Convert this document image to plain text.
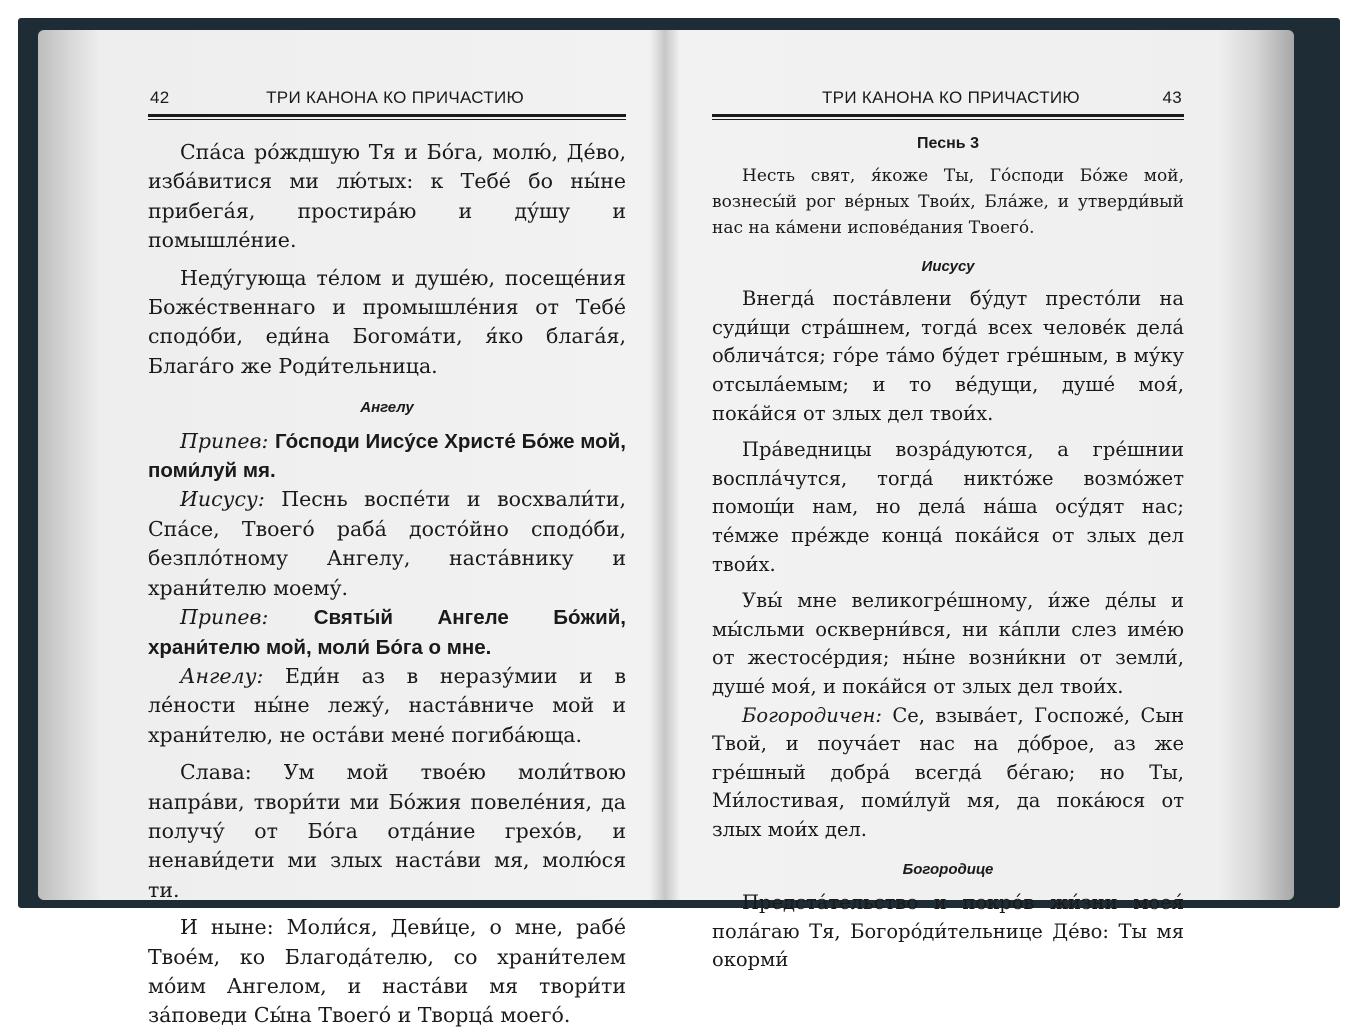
42	ТРИ КАНОНА КО ПРИЧАСТИЮ

Спа́са ро́ждшую Тя и Бо́га, молю́, Де́во, изба́витися ми лю́тых: к Тебе́ бо ны́не прибега́я, простира́ю и ду́шу и помышле́ние.

Неду́гующа те́лом и душе́ю, посеще́ния Боже́ственнаго и промышле́ния от Тебе́ сподо́би, еди́на Богома́ти, я́ко блага́я, Блага́го же Роди́тельница.

Ангелу

Припев: Го́споди Иису́се Христе́ Бо́же мой, поми́луй мя.

Иисусу: Песнь воспе́ти и восхвали́ти, Спа́се, Твоего́ раба́ досто́йно сподо́би, безпло́тному Ангелу, наста́внику и храни́телю моему́.

Припев: Святы́й Ангеле Бо́жий, храни́телю мой, моли́ Бо́га о мне.

Ангелу: Еди́н аз в неразу́мии и в ле́ности ны́не лежу́, наста́вниче мой и храни́телю, не оста́ви мене́ погиба́юща.

Слава: Ум мой твое́ю моли́твою напра́ви, твори́ти ми Бо́жия повеле́ния, да получу́ от Бо́га отда́ние грехо́в, и ненави́дети ми злых наста́ви мя, молю́ся ти.

И ныне: Моли́ся, Деви́це, о мне, рабе́ Твое́м, ко Благода́телю, со храни́телем мо́им Ангелом, и наста́ви мя твори́ти за́поведи Сы́на Твоего́ и Творца́ моего́.

ТРИ КАНОНА КО ПРИЧАСТИЮ	43
Песнь 3

Несть свят, я́коже Ты, Го́споди Бо́же мой, вознесы́й рог ве́рных Твои́х, Бла́же, и утверди́вый нас на ка́мени испове́дания Твоего́.

Иисусу

Внегда́ поста́влени бу́дут престо́ли на суди́щи стра́шнем, тогда́ всех челове́к дела́ облича́тся; го́ре та́мо бу́дет гре́шным, в му́ку отсыла́емым; и то ве́дущи, душе́ моя́, пока́йся от злых дел твои́х.

Пра́ведницы возра́дуются, а гре́шнии воспла́чутся, тогда́ никто́же возмо́жет помощ́и нам, но дела́ на́ша осу́дят нас; те́мже пре́жде конца́ пока́йся от злых дел твои́х.

Увы́ мне великогре́шному, и́же де́лы и мы́сльми оскверни́вся, ни ка́пли слез име́ю от жестосе́рдия; ны́не возни́кни от земли́, душе́ моя́, и пока́йся от злых дел твои́х.

Богородичен: Се, взыва́ет, Госпоже́, Сын Твой, и поуча́ет нас на до́брое, аз же гре́шный добра́ всегда́ бе́гаю; но Ты, Ми́лостивая, поми́луй мя, да пока́юся от злых мои́х дел.

Богородице

Предста́тельство и покро́в жи́зни моея́ пола́гаю Тя, Богоро́ди́тельнице Де́во: Ты мя окорми́
